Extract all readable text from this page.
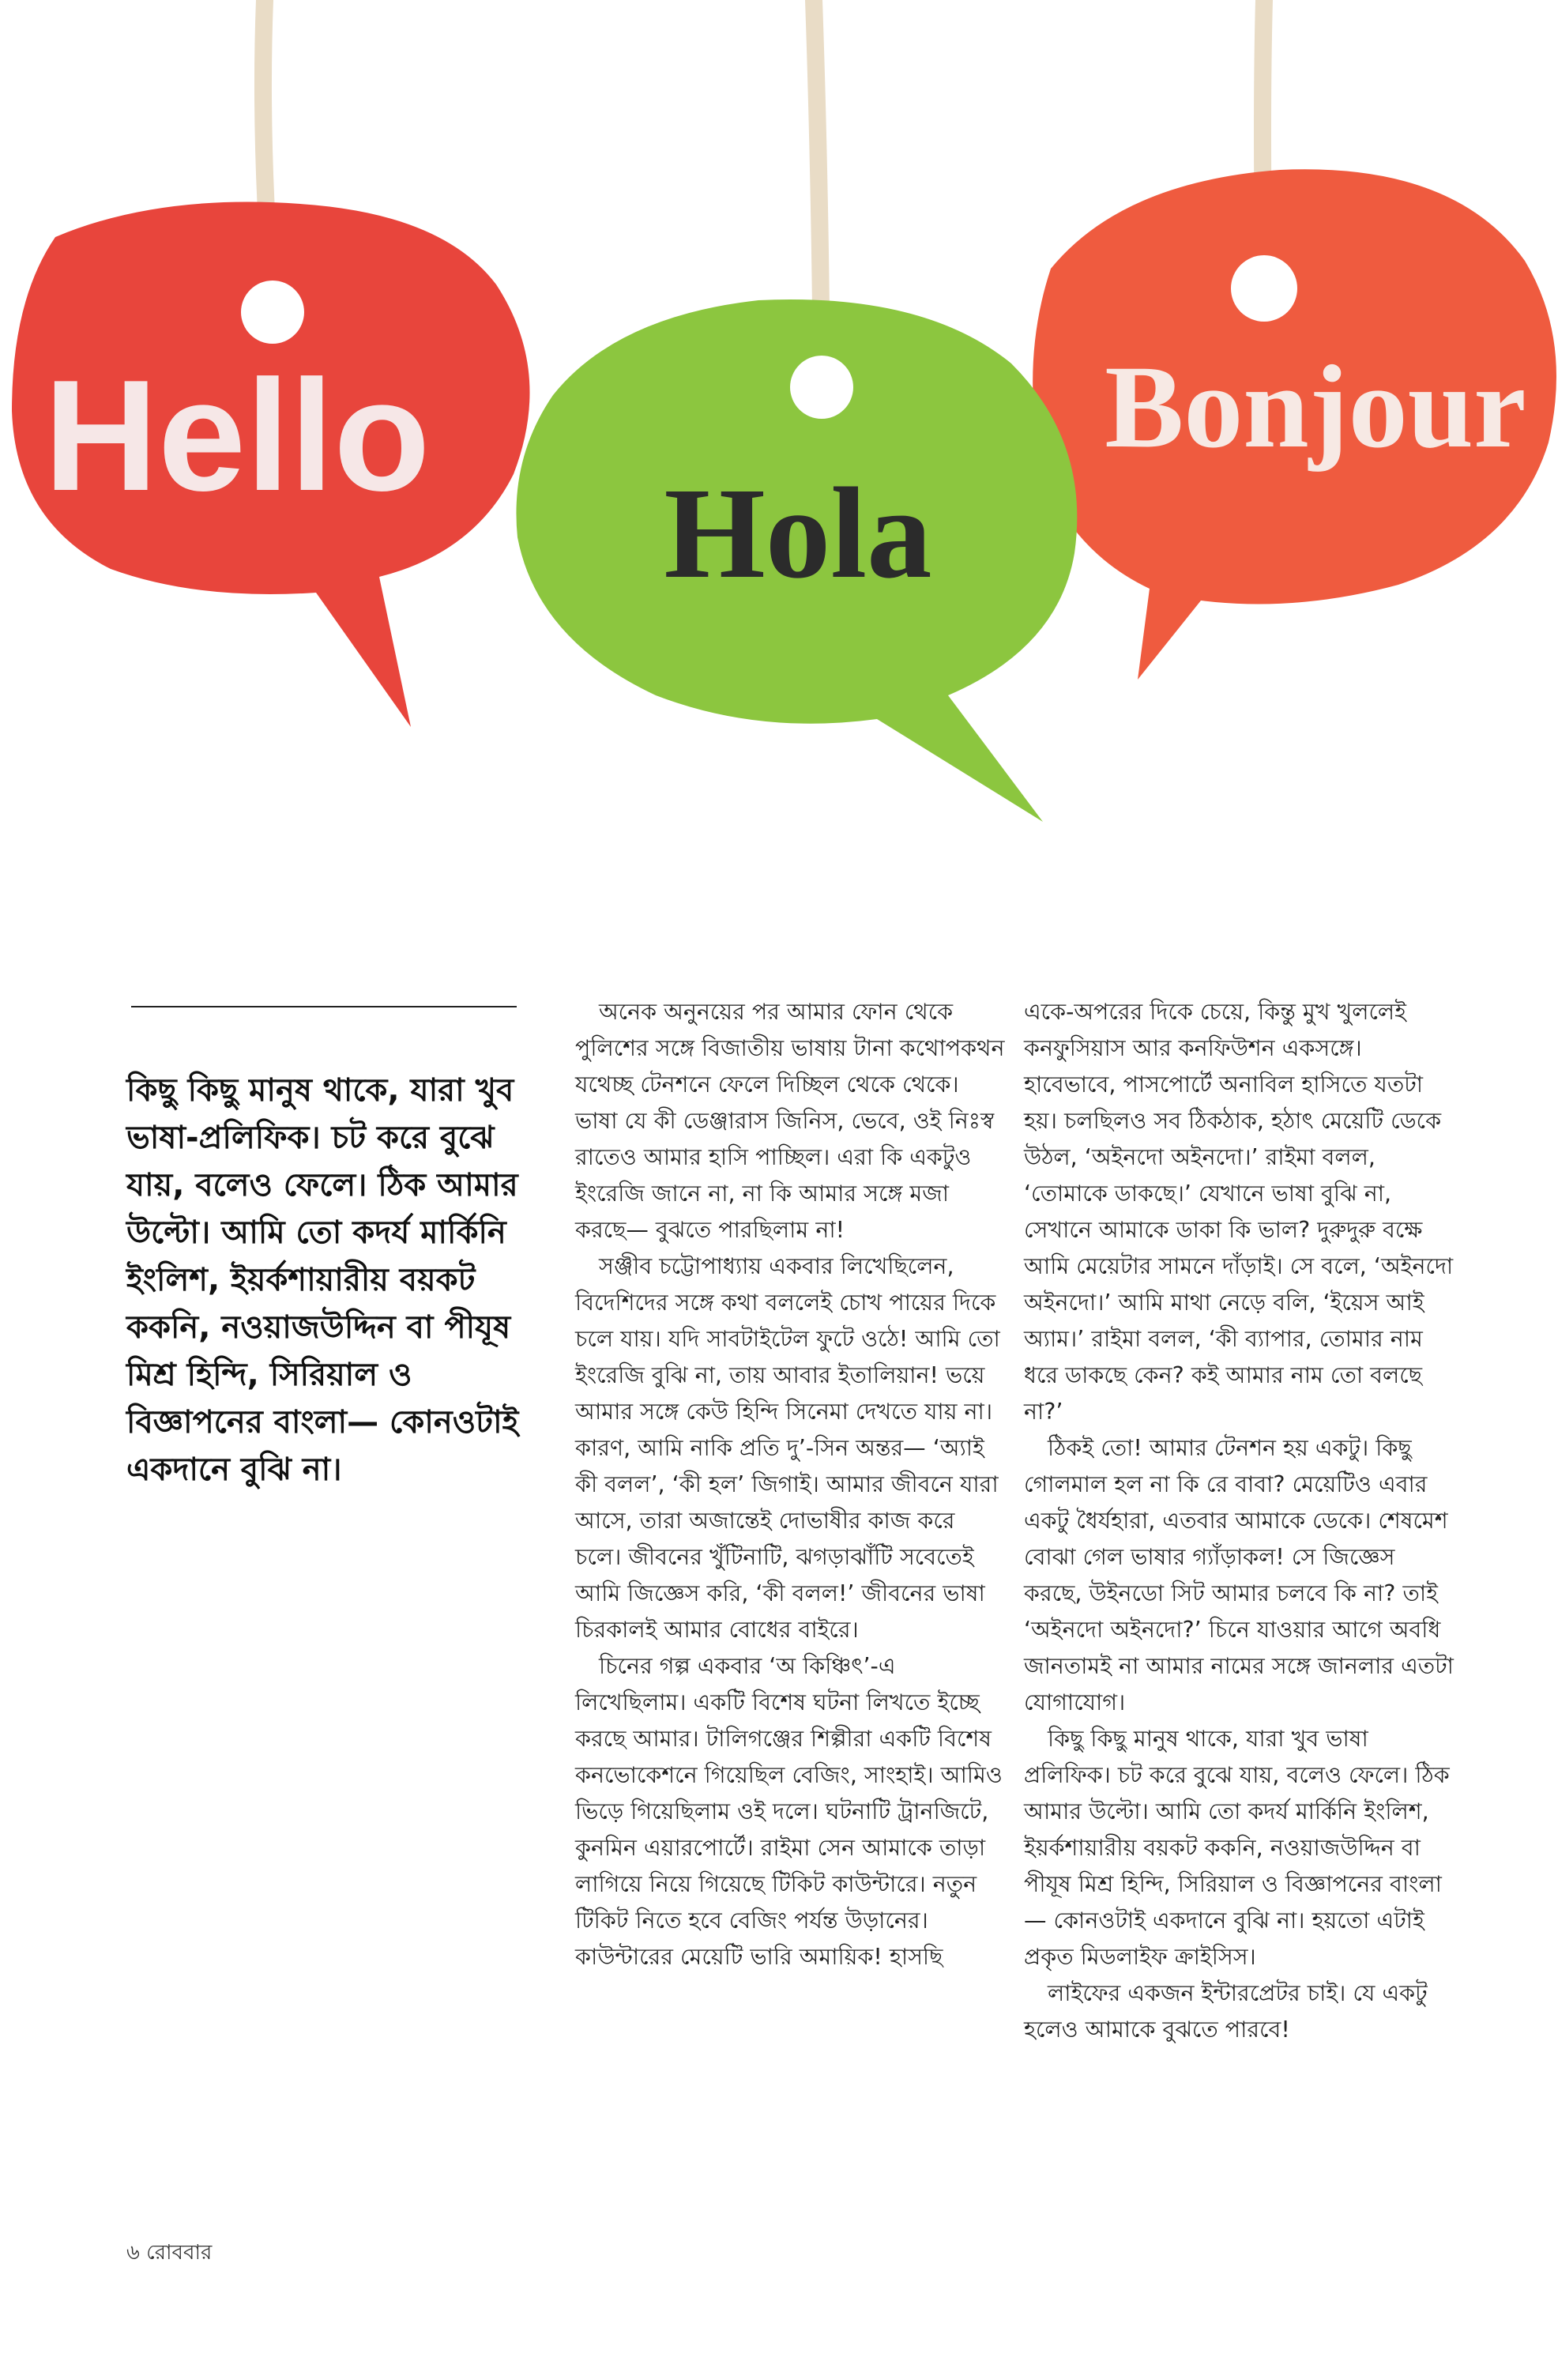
Hello	Bonjour
Hola

কিছু কিছু মানুষ থাকে, যারা খুব ভাষা-প্রলিফিক। চট করে বুঝে যায়, বলেও ফেলে। ঠিক আমার উল্টো। আমি তো কদর্য মার্কিনি ইংলিশ, ইয়র্কশায়ারীয় বয়কট ককনি, নওয়াজউদ্দিন বা পীযূষ মিশ্র হিন্দি, সিরিয়াল ও বিজ্ঞাপনের বাংলা— কোনওটাই একদানে বুঝি না।

অনেক অনুনয়ের পর আমার ফোন থেকে পুলিশের সঙ্গে বিজাতীয় ভাষায় টানা কথোপকথন যথেচ্ছ টেনশনে ফেলে দিচ্ছিল থেকে থেকে। ভাষা যে কী ডেঞ্জারাস জিনিস, ভেবে, ওই নিঃস্ব রাতেও আমার হাসি পাচ্ছিল। এরা কি একটুও ইংরেজি জানে না, না কি আমার সঙ্গে মজা করছে— বুঝতে পারছিলাম না!

সঞ্জীব চট্টোপাধ্যায় একবার লিখেছিলেন, বিদেশিদের সঙ্গে কথা বললেই চোখ পায়ের দিকে চলে যায়। যদি সাবটাইটেল ফুটে ওঠে! আমি তো ইংরেজি বুঝি না, তায় আবার ইতালিয়ান! ভয়ে আমার সঙ্গে কেউ হিন্দি সিনেমা দেখতে যায় না। কারণ, আমি নাকি প্রতি দু’-সিন অন্তর— ‘অ্যাই কী বলল’, ‘কী হল’ জিগাই। আমার জীবনে যারা আসে, তারা অজান্তেই দোভাষীর কাজ করে চলে। জীবনের খুঁটিনাটি, ঝগড়াঝাঁটি সবেতেই আমি জিজ্ঞেস করি, ‘কী বলল!’ জীবনের ভাষা চিরকালই আমার বোধের বাইরে।

চিনের গল্প একবার ‘অ কিঞ্চিৎ’-এ লিখেছিলাম। একটি বিশেষ ঘটনা লিখতে ইচ্ছে করছে আমার। টালিগঞ্জের শিল্পীরা একটি বিশেষ কনভোকেশনে গিয়েছিল বেজিং, সাংহাই। আমিও ভিড়ে গিয়েছিলাম ওই দলে। ঘটনাটি ট্রানজিটে, কুনমিন এয়ারপোর্টে। রাইমা সেন আমাকে তাড়া লাগিয়ে নিয়ে গিয়েছে টিকিট কাউন্টারে। নতুন টিকিট নিতে হবে বেজিং পর্যন্ত উড়ানের। কাউন্টারের মেয়েটি ভারি অমায়িক! হাসছি

একে-অপরের দিকে চেয়ে, কিন্তু মুখ খুললেই কনফুসিয়াস আর কনফিউশন একসঙ্গে। হাবেভাবে, পাসপোর্টে অনাবিল হাসিতে যতটা হয়। চলছিলও সব ঠিকঠাক, হঠাৎ মেয়েটি ডেকে উঠল, ‘অইনদো অইনদো।’ রাইমা বলল, ‘তোমাকে ডাকছে।’ যেখানে ভাষা বুঝি না, সেখানে আমাকে ডাকা কি ভাল? দুরুদুরু বক্ষে আমি মেয়েটার সামনে দাঁড়াই। সে বলে, ‘অইনদো অইনদো।’ আমি মাথা নেড়ে বলি, ‘ইয়েস আই অ্যাম।’ রাইমা বলল, ‘কী ব্যাপার, তোমার নাম ধরে ডাকছে কেন? কই আমার নাম তো বলছে না?’

ঠিকই তো! আমার টেনশন হয় একটু। কিছু গোলমাল হল না কি রে বাবা? মেয়েটিও এবার একটু ধৈর্যহারা, এতবার আমাকে ডেকে। শেষমেশ বোঝা গেল ভাষার গ্যাঁড়াকল! সে জিজ্ঞেস করছে, উইনডো সিট আমার চলবে কি না? তাই ‘অইনদো অইনদো?’ চিনে যাওয়ার আগে অবধি জানতামই না আমার নামের সঙ্গে জানলার এতটা যোগাযোগ।

কিছু কিছু মানুষ থাকে, যারা খুব ভাষা প্রলিফিক। চট করে বুঝে যায়, বলেও ফেলে। ঠিক আমার উল্টো। আমি তো কদর্য মার্কিনি ইংলিশ, ইয়র্কশায়ারীয় বয়কট ককনি, নওয়াজউদ্দিন বা পীযূষ মিশ্র হিন্দি, সিরিয়াল ও বিজ্ঞাপনের বাংলা— কোনওটাই একদানে বুঝি না। হয়তো এটাই প্রকৃত মিডলাইফ ক্রাইসিস।

লাইফের একজন ইন্টারপ্রেটর চাই। যে একটু হলেও আমাকে বুঝতে পারবে!

৬ রোববার
